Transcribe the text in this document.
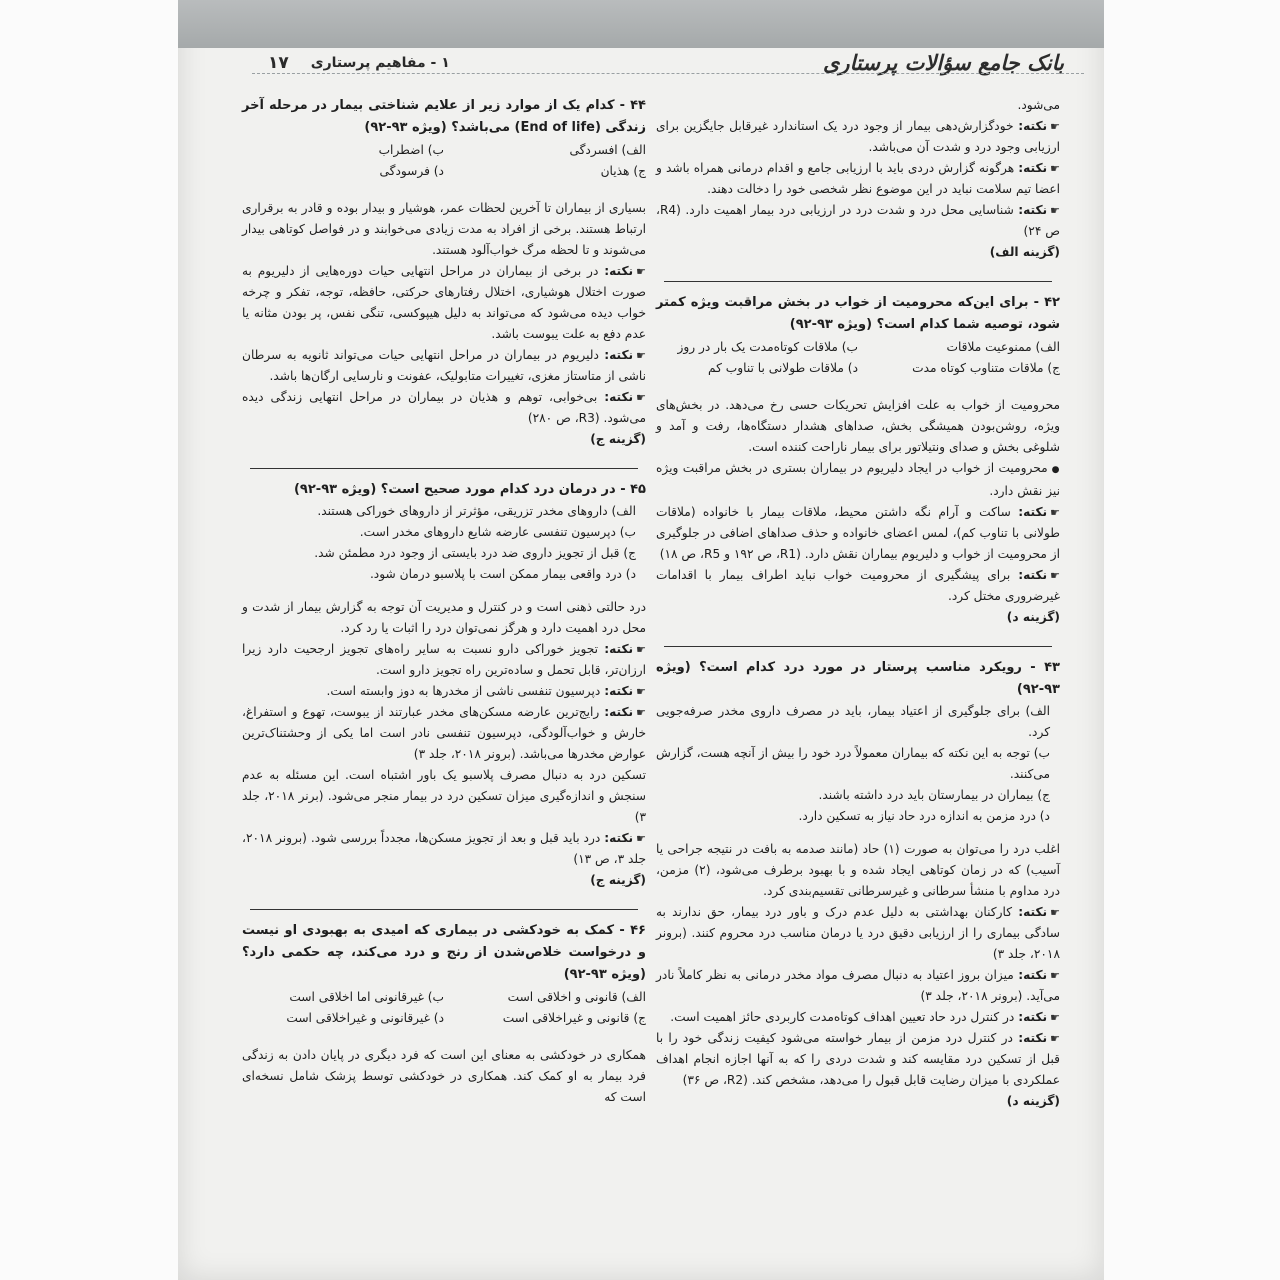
بانک جامع سؤالات پرستاری
۱ - مفاهیم پرستاری
۱۷

می‌شود.

☛ نکته: خودگزارش‌دهی بیمار از وجود درد یک استاندارد غیرقابل جایگزین برای ارزیابی وجود درد و شدت آن می‌باشد.

☛ نکته: هرگونه گزارش دردی باید با ارزیابی جامع و اقدام درمانی همراه باشد و اعضا تیم سلامت نباید در این موضوع نظر شخصی خود را دخالت دهند.

☛ نکته: شناسایی محل درد و شدت درد در ارزیابی درد بیمار اهمیت دارد. (R4، ص ۲۴)

(گزینه الف)

۴۲ - برای این‌که محرومیت از خواب در بخش مراقبت ویژه کمتر شود، توصیه شما کدام است؟ (ویژه ۹۳-۹۲)

الف) ممنوعیت ملاقات
ب) ملاقات کوتاه‌مدت یک بار در روز
ج) ملاقات متناوب کوتاه مدت
د) ملاقات طولانی با تناوب کم

محرومیت از خواب به علت افزایش تحریکات حسی رخ می‌دهد. در بخش‌های ویژه، روشن‌بودن همیشگی بخش، صداهای هشدار دستگاه‌ها، رفت و آمد و شلوغی بخش و صدای ونتیلاتور برای بیمار ناراحت کننده است.

● محرومیت از خواب در ایجاد دلیریوم در بیماران بستری در بخش مراقبت ویژه نیز نقش دارد.

☛ نکته: ساکت و آرام نگه داشتن محیط، ملاقات بیمار با خانواده (ملاقات طولانی با تناوب کم)، لمس اعضای خانواده و حذف صداهای اضافی در جلوگیری از محرومیت از خواب و دلیریوم بیماران نقش دارد. (R1، ص ۱۹۲ و R5، ص ۱۸)

☛ نکته: برای پیشگیری از محرومیت خواب نباید اطراف بیمار با اقدامات غیرضروری مختل کرد.

(گزینه د)

۴۳ - رویکرد مناسب پرستار در مورد درد کدام است؟ (ویژه ۹۳-۹۲)

الف) برای جلوگیری از اعتیاد بیمار، باید در مصرف داروی مخدر صرفه‌جویی کرد.

ب) توجه به این نکته که بیماران معمولاً درد خود را بیش از آنچه هست، گزارش می‌کنند.

ج) بیماران در بیمارستان باید درد داشته باشند.

د) درد مزمن به اندازه درد حاد نیاز به تسکین دارد.

اغلب درد را می‌توان به صورت (۱) حاد (مانند صدمه به بافت در نتیجه جراحی یا آسیب) که در زمان کوتاهی ایجاد شده و با بهبود برطرف می‌شود، (۲) مزمن، درد مداوم با منشأ سرطانی و غیرسرطانی تقسیم‌بندی کرد.

☛ نکته: کارکنان بهداشتی به دلیل عدم درک و باور درد بیمار، حق ندارند به سادگی بیماری را از ارزیابی دقیق درد یا درمان مناسب درد محروم کنند. (برونر ۲۰۱۸، جلد ۳)

☛ نکته: میزان بروز اعتیاد به دنبال مصرف مواد مخدر درمانی به نظر کاملاً نادر می‌آید. (برونر ۲۰۱۸، جلد ۳)

☛ نکته: در کنترل درد حاد تعیین اهداف کوتاه‌مدت کاربردی حائز اهمیت است.

☛ نکته: در کنترل درد مزمن از بیمار خواسته می‌شود کیفیت زندگی خود را با قبل از تسکین درد مقایسه کند و شدت دردی را که به آنها اجازه انجام اهداف عملکردی با میزان رضایت قابل قبول را می‌دهد، مشخص کند. (R2، ص ۳۶)

(گزینه د)

۴۴ - کدام یک از موارد زیر از علایم شناختی بیمار در مرحله آخر زندگی (End of life) می‌باشد؟ (ویژه ۹۳-۹۲)

الف) افسردگی
ب) اضطراب
ج) هذیان
د) فرسودگی

بسیاری از بیماران تا آخرین لحظات عمر، هوشیار و بیدار بوده و قادر به برقراری ارتباط هستند. برخی از افراد به مدت زیادی می‌خوابند و در فواصل کوتاهی بیدار می‌شوند و تا لحظه مرگ خواب‌آلود هستند.

☛ نکته: در برخی از بیماران در مراحل انتهایی حیات دوره‌هایی از دلیریوم به صورت اختلال هوشیاری، اختلال رفتارهای حرکتی، حافظه، توجه، تفکر و چرخه خواب دیده می‌شود که می‌تواند به دلیل هیپوکسی، تنگی نفس، پر بودن مثانه یا عدم دفع به علت یبوست باشد.

☛ نکته: دلیریوم در بیماران در مراحل انتهایی حیات می‌تواند ثانویه به سرطان ناشی از متاستاز مغزی، تغییرات متابولیک، عفونت و نارسایی ارگان‌ها باشد.

☛ نکته: بی‌خوابی، توهم و هذیان در بیماران در مراحل انتهایی زندگی دیده می‌شود. (R3، ص ۲۸۰)

(گزینه ج)

۴۵ - در درمان درد کدام مورد صحیح است؟ (ویژه ۹۳-۹۲)

الف) داروهای مخدر تزریقی، مؤثرتر از داروهای خوراکی هستند.

ب) دپرسیون تنفسی عارضه شایع داروهای مخدر است.

ج) قبل از تجویز داروی ضد درد بایستی از وجود درد مطمئن شد.

د) درد واقعی بیمار ممکن است با پلاسبو درمان شود.

درد حالتی ذهنی است و در کنترل و مدیریت آن توجه به گزارش بیمار از شدت و محل درد اهمیت دارد و هرگز نمی‌توان درد را اثبات یا رد کرد.

☛ نکته: تجویز خوراکی دارو نسبت به سایر راه‌های تجویز ارجحیت دارد زیرا ارزان‌تر، قابل تحمل و ساده‌ترین راه تجویز دارو است.

☛ نکته: دپرسیون تنفسی ناشی از مخدرها به دوز وابسته است.

☛ نکته: رایج‌ترین عارضه مسکن‌های مخدر عبارتند از یبوست، تهوع و استفراغ، خارش و خواب‌آلودگی، دپرسیون تنفسی نادر است اما یکی از وحشتناک‌ترین عوارض مخدرها می‌باشد. (برونر ۲۰۱۸، جلد ۳)

تسکین درد به دنبال مصرف پلاسبو یک باور اشتباه است. این مسئله به عدم سنجش و اندازه‌گیری میزان تسکین درد در بیمار منجر می‌شود. (برنر ۲۰۱۸، جلد ۳)

☛ نکته: درد باید قبل و بعد از تجویز مسکن‌ها، مجدداً بررسی شود. (برونر ۲۰۱۸، جلد ۳، ص ۱۳)

(گزینه ج)

۴۶ - کمک به خودکشی در بیماری که امیدی به بهبودی او نیست و درخواست خلاص‌شدن از رنج و درد می‌کند، چه حکمی دارد؟ (ویژه ۹۳-۹۲)

الف) قانونی و اخلاقی است
ب) غیرقانونی اما اخلاقی است
ج) قانونی و غیراخلاقی است
د) غیرقانونی و غیراخلاقی است

همکاری در خودکشی به معنای این است که فرد دیگری در پایان دادن به زندگی فرد بیمار به او کمک کند. همکاری در خودکشی توسط پزشک شامل نسخه‌ای است که
